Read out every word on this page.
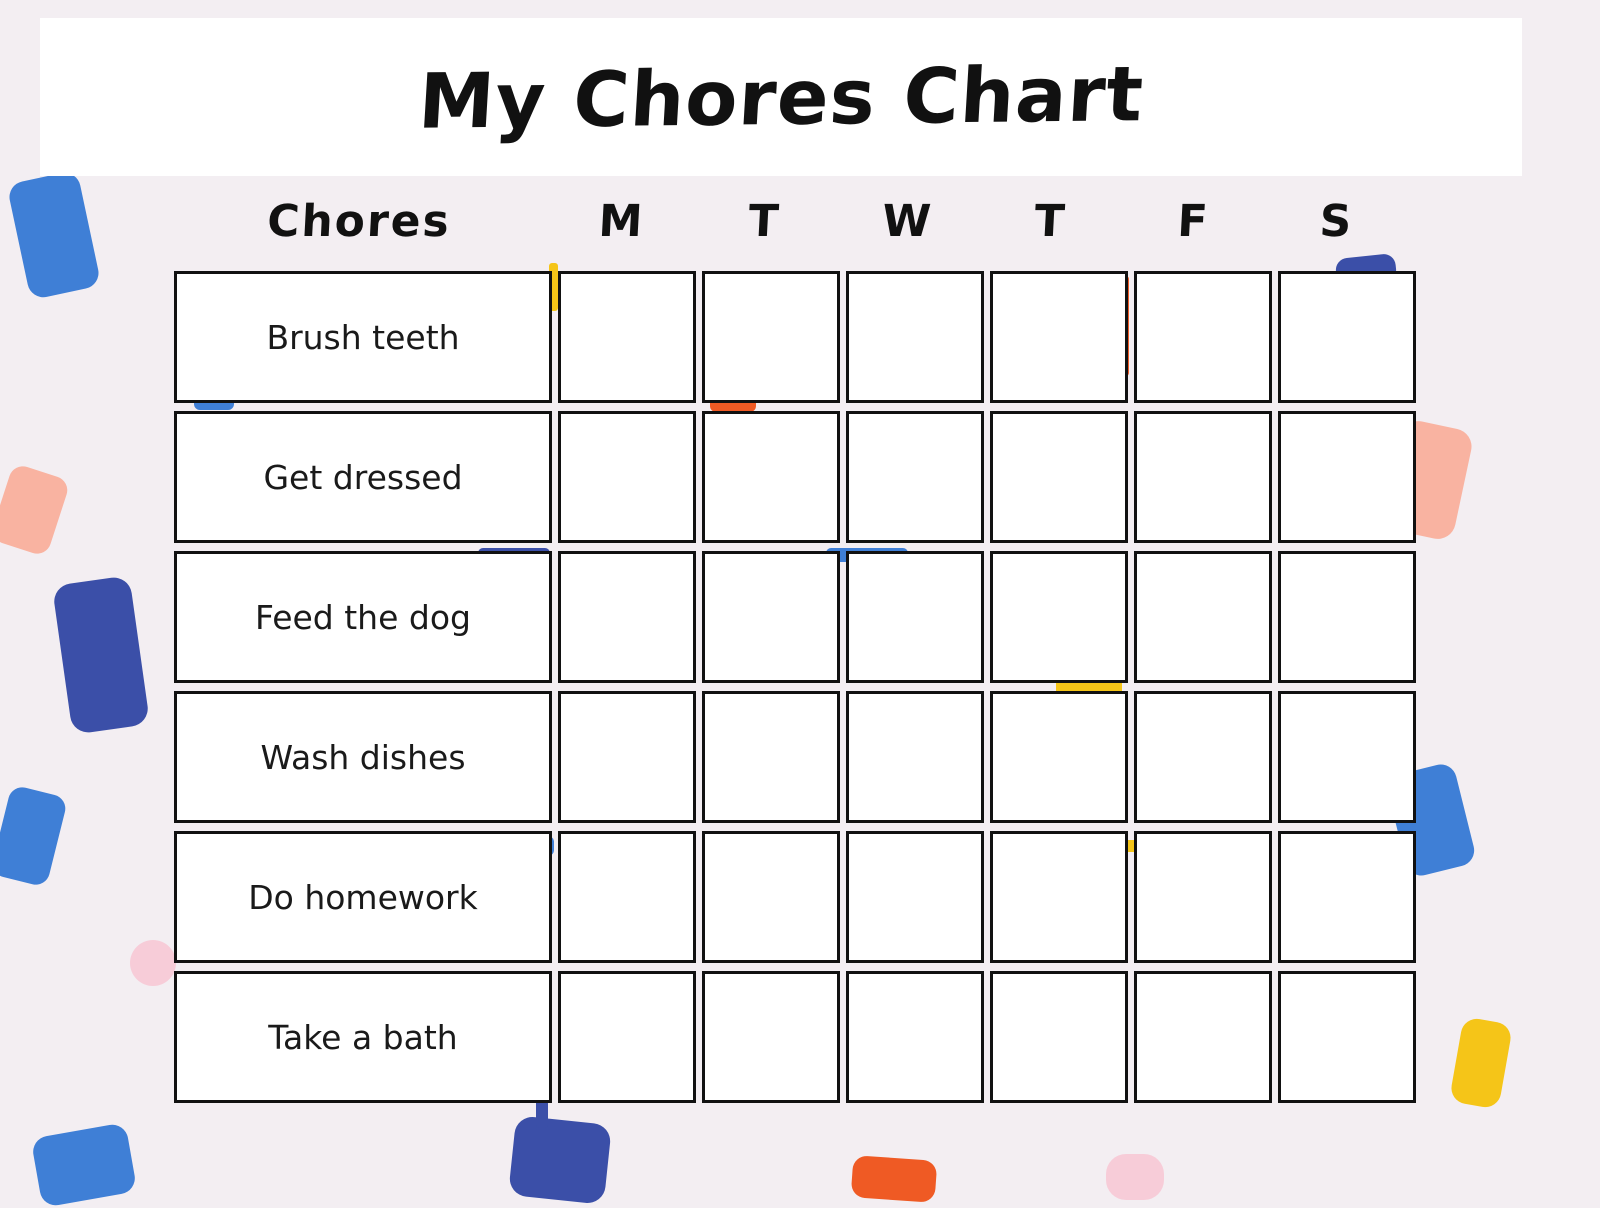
My Chores Chart
Chores	M	T	W	T	F	S
Brush teeth						
Get dressed						
Feed the dog						
Wash dishes						
Do homework						
Take a bath						
